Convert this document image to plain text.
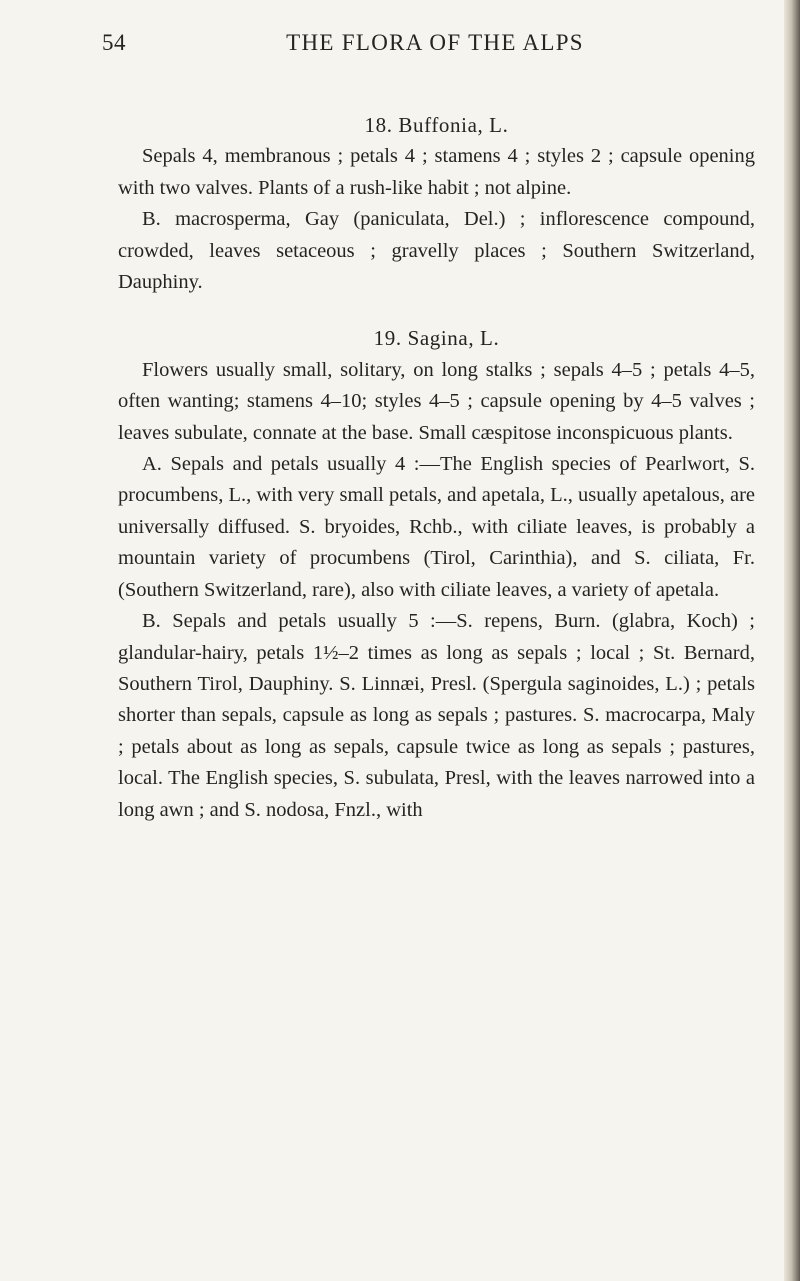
54	THE FLORA OF THE ALPS
18. Buffonia, L.

Sepals 4, membranous ; petals 4 ; stamens 4 ; styles 2 ; capsule opening with two valves. Plants of a rush-like habit ; not alpine.

B. macrosperma, Gay (paniculata, Del.) ; inflorescence compound, crowded, leaves setaceous ; gravelly places ; Southern Switzerland, Dauphiny.

19. Sagina, L.

Flowers usually small, solitary, on long stalks ; sepals 4–5 ; petals 4–5, often wanting; stamens 4–10; styles 4–5 ; capsule opening by 4–5 valves ; leaves subulate, connate at the base. Small cæspitose inconspicuous plants.

A. Sepals and petals usually 4 :—The English species of Pearlwort, S. procumbens, L., with very small petals, and apetala, L., usually apetalous, are universally diffused. S. bryoides, Rchb., with ciliate leaves, is probably a mountain variety of procumbens (Tirol, Carinthia), and S. ciliata, Fr. (Southern Switzerland, rare), also with ciliate leaves, a variety of apetala.

B. Sepals and petals usually 5 :—S. repens, Burn. (glabra, Koch) ; glandular-hairy, petals 1½–2 times as long as sepals ; local ; St. Bernard, Southern Tirol, Dauphiny. S. Linnæi, Presl. (Spergula saginoides, L.) ; petals shorter than sepals, capsule as long as sepals ; pastures. S. macrocarpa, Maly ; petals about as long as sepals, capsule twice as long as sepals ; pastures, local. The English species, S. subulata, Presl, with the leaves narrowed into a long awn ; and S. nodosa, Fnzl., with
